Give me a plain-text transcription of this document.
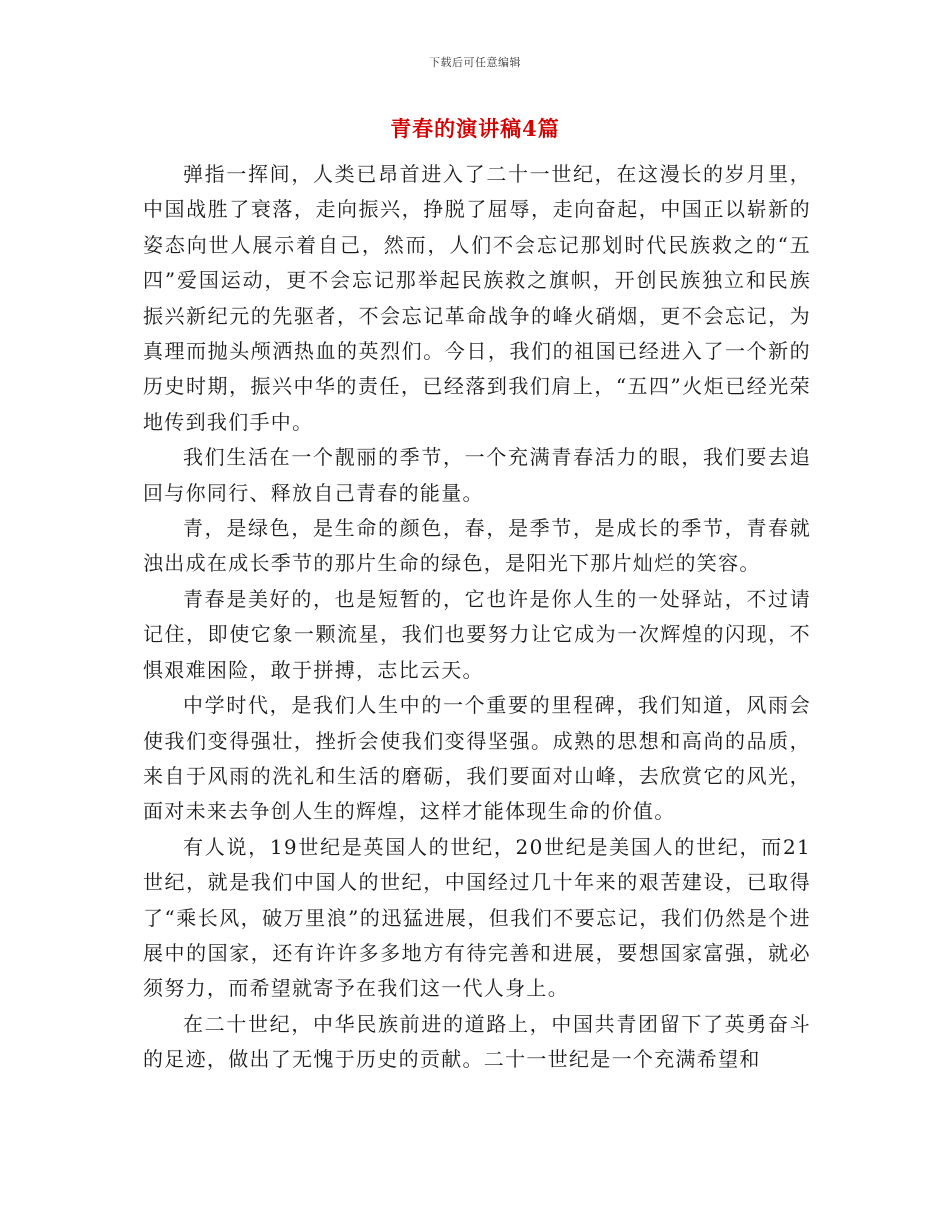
下载后可任意编辑
青春的演讲稿4篇

弹指一挥间，人类已昂首进入了二十一世纪，在这漫长的岁月里，中国战胜了衰落，走向振兴，挣脱了屈辱，走向奋起，中国正以崭新的姿态向世人展示着自己，然而，人们不会忘记那划时代民族救之的“五四”爱国运动，更不会忘记那举起民族救之旗帜，开创民族独立和民族振兴新纪元的先驱者，不会忘记革命战争的峰火硝烟，更不会忘记，为真理而抛头颅洒热血的英烈们。今日，我们的祖国已经进入了一个新的历史时期，振兴中华的责任，已经落到我们肩上，“五四”火炬已经光荣地传到我们手中。

我们生活在一个靓丽的季节，一个充满青春活力的眼，我们要去追回与你同行、释放自己青春的能量。

青，是绿色，是生命的颜色，春，是季节，是成长的季节，青春就浊出成在成长季节的那片生命的绿色，是阳光下那片灿烂的笑容。

青春是美好的，也是短暂的，它也许是你人生的一处驿站，不过请记住，即使它象一颗流星，我们也要努力让它成为一次辉煌的闪现，不惧艰难困险，敢于拼搏，志比云天。

中学时代，是我们人生中的一个重要的里程碑，我们知道，风雨会使我们变得强壮，挫折会使我们变得坚强。成熟的思想和高尚的品质，来自于风雨的洗礼和生活的磨砺，我们要面对山峰，去欣赏它的风光，面对未来去争创人生的辉煌，这样才能体现生命的价值。

有人说，19世纪是英国人的世纪，20世纪是美国人的世纪，而21世纪，就是我们中国人的世纪，中国经过几十年来的艰苦建设，已取得了“乘长风，破万里浪”的迅猛进展，但我们不要忘记，我们仍然是个进展中的国家，还有许许多多地方有待完善和进展，要想国家富强，就必须努力，而希望就寄予在我们这一代人身上。

在二十世纪，中华民族前进的道路上，中国共青团留下了英勇奋斗的足迹，做出了无愧于历史的贡献。二十一世纪是一个充满希望和
